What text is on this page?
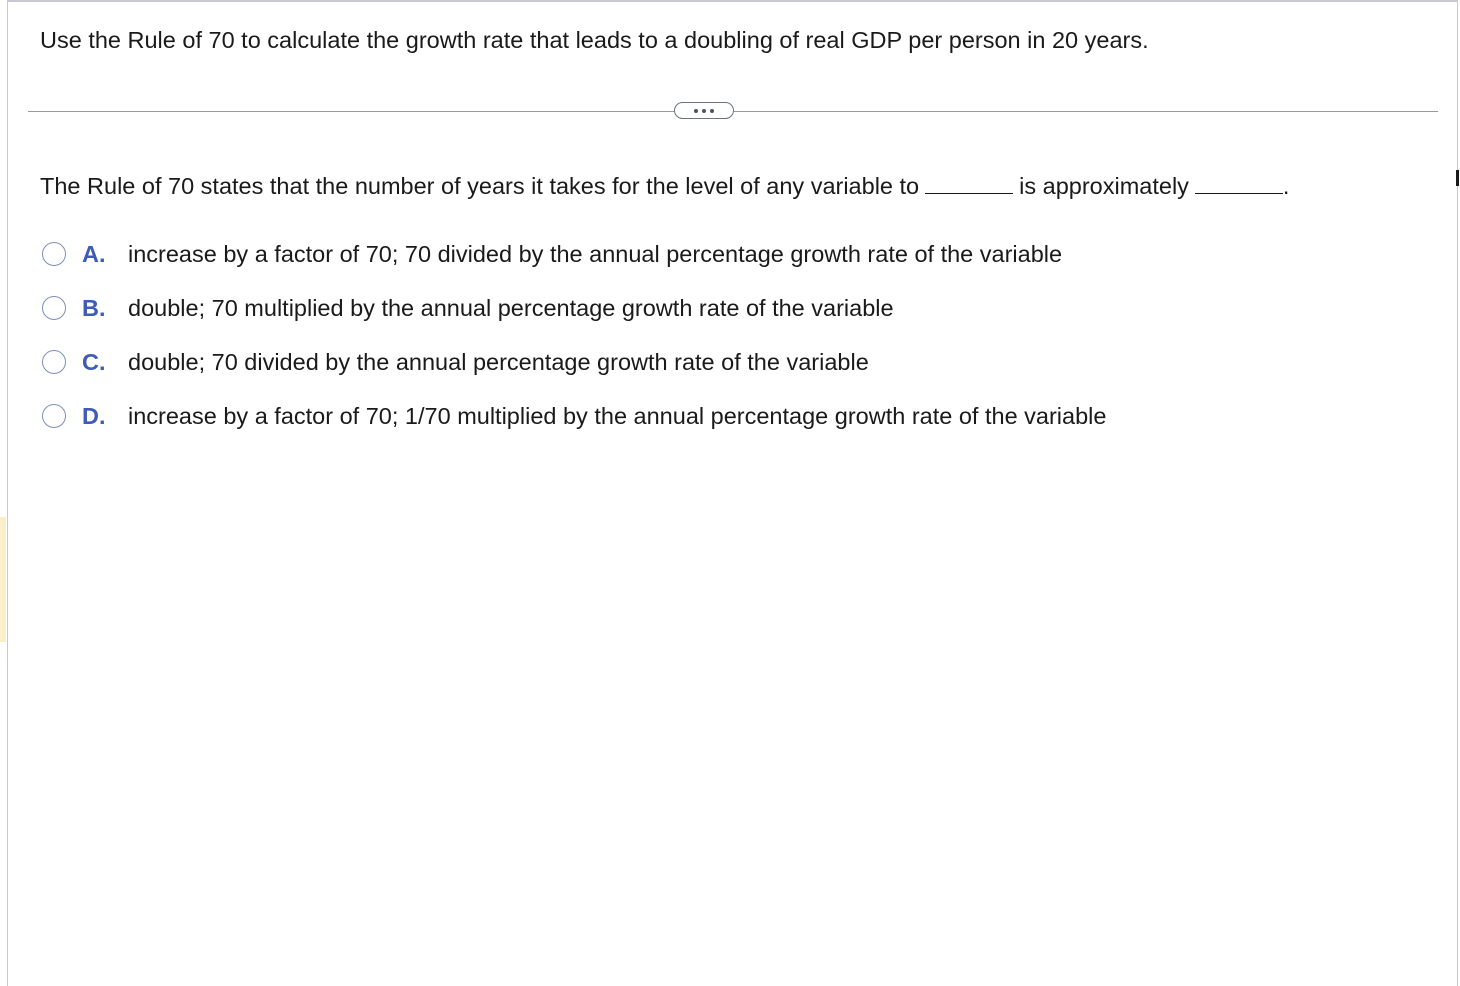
Use the Rule of 70 to calculate the growth rate that leads to a doubling of real GDP per person in 20 years.
The Rule of 70 states that the number of years it takes for the level of any variable to	is approximately	.
A. increase by a factor of 70; 70 divided by the annual percentage growth rate of the variable
B. double; 70 multiplied by the annual percentage growth rate of the variable
C. double; 70 divided by the annual percentage growth rate of the variable
D. increase by a factor of 70; 1/70 multiplied by the annual percentage growth rate of the variable
